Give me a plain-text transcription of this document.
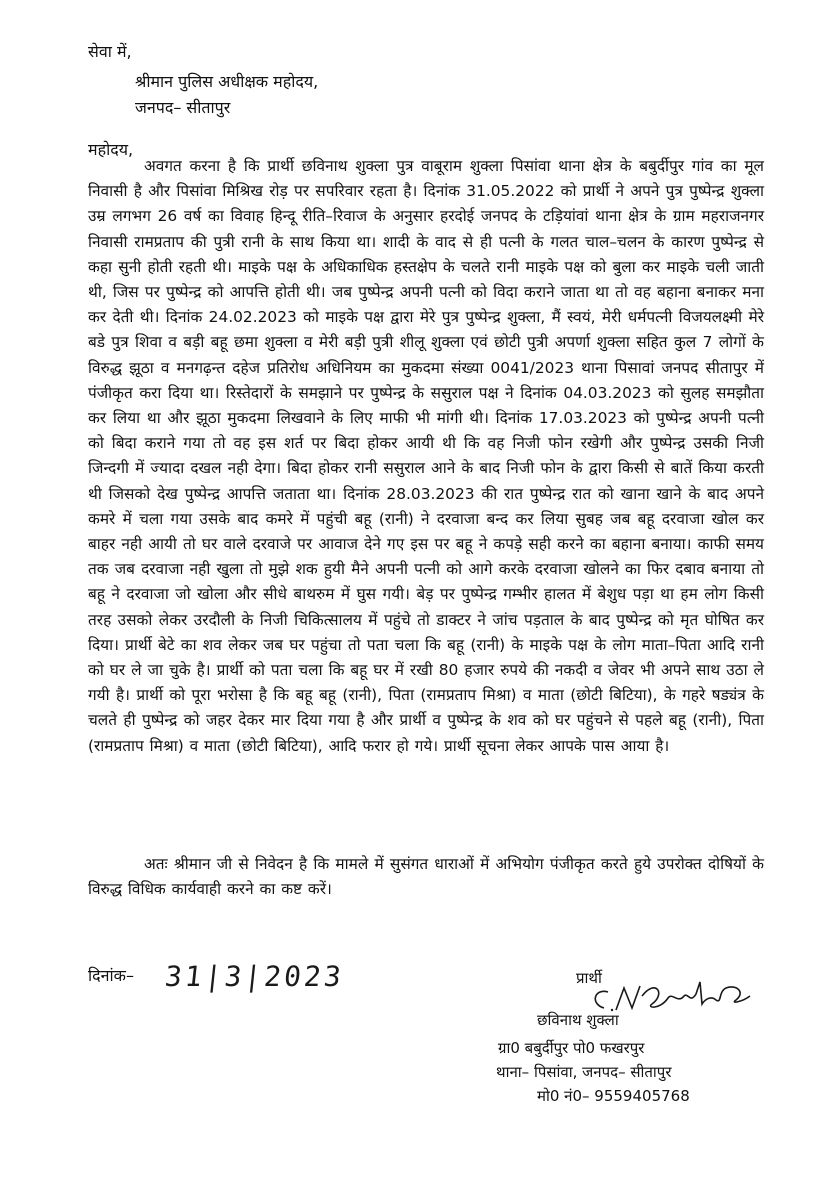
सेवा में,
श्रीमान पुलिस अधीक्षक महोदय,
जनपद– सीतापुर
महोदय,

अवगत करना है कि प्रार्थी छविनाथ शुक्ला पुत्र वाबूराम शुक्ला पिसांवा थाना क्षेत्र के बबुर्दीपुर गांव का मूल निवासी है और पिसांवा मिश्रिख रोड़ पर सपरिवार रहता है। दिनांक 31.05.2022 को प्रार्थी ने अपने पुत्र पुष्पेन्द्र शुक्ला उम्र लगभग 26 वर्ष का विवाह हिन्दू रीति–रिवाज के अनुसार हरदोई जनपद के टड़ियांवां थाना क्षेत्र के ग्राम महराजनगर निवासी रामप्रताप की पुत्री रानी के साथ किया था। शादी के वाद से ही पत्नी के गलत चाल–चलन के कारण पुष्पेन्द्र से कहा सुनी होती रहती थी। माइके पक्ष के अधिकाधिक हस्तक्षेप के चलते रानी माइके पक्ष को बुला कर माइके चली जाती थी, जिस पर पुष्पेन्द्र को आपत्ति होती थी। जब पुष्पेन्द्र अपनी पत्नी को विदा कराने जाता था तो वह बहाना बनाकर मना कर देती थी। दिनांक 24.02.2023 को माइके पक्ष द्वारा मेरे पुत्र पुष्पेन्द्र शुक्ला, मैं स्वयं, मेरी धर्मपत्नी विजयलक्ष्मी मेरे बडे पुत्र शिवा व बड़ी बहू छमा शुक्ला व मेरी बड़ी पुत्री शीलू शुक्ला एवं छोटी पुत्री अपर्णा शुक्ला सहित कुल 7 लोगों के विरुद्ध झूठा व मनगढ़न्त दहेज प्रतिरोध अधिनियम का मुकदमा संख्या 0041/2023 थाना पिसावां जनपद सीतापुर में पंजीकृत करा दिया था। रिस्तेदारों के समझाने पर पुष्पेन्द्र के ससुराल पक्ष ने दिनांक 04.03.2023 को सुलह समझौता कर लिया था और झूठा मुकदमा लिखवाने के लिए माफी भी मांगी थी। दिनांक 17.03.2023 को पुष्पेन्द्र अपनी पत्नी को बिदा कराने गया तो वह इस शर्त पर बिदा होकर आयी थी कि वह निजी फोन रखेगी और पुष्पेन्द्र उसकी निजी जिन्दगी में ज्यादा दखल नही देगा। बिदा होकर रानी ससुराल आने के बाद निजी फोन के द्वारा किसी से बातें किया करती थी जिसको देख पुष्पेन्द्र आपत्ति जताता था। दिनांक 28.03.2023 की रात पुष्पेन्द्र रात को खाना खाने के बाद अपने कमरे में चला गया उसके बाद कमरे में पहुंची बहू (रानी) ने दरवाजा बन्द कर लिया सुबह जब बहू दरवाजा खोल कर बाहर नही आयी तो घर वाले दरवाजे पर आवाज देने गए इस पर बहू ने कपड़े सही करने का बहाना बनाया। काफी समय तक जब दरवाजा नही खुला तो मुझे शक हुयी मैने अपनी पत्नी को आगे करके दरवाजा खोलने का फिर दबाव बनाया तो बहू ने दरवाजा जो खोला और सीधे बाथरुम में घुस गयी। बेड़ पर पुष्पेन्द्र गम्भीर हालत में बेशुध पड़ा था हम लोग किसी तरह उसको लेकर उरदौली के निजी चिकित्सालय में पहुंचे तो डाक्टर ने जांच पड़ताल के बाद पुष्पेन्द्र को मृत घोषित कर दिया। प्रार्थी बेटे का शव लेकर जब घर पहुंचा तो पता चला कि बहू (रानी) के माइके पक्ष के लोग माता–पिता आदि रानी को घर ले जा चुके है। प्रार्थी को पता चला कि बहू घर में रखी 80 हजार रुपये की नकदी व जेवर भी अपने साथ उठा ले गयी है। प्रार्थी को पूरा भरोसा है कि बहू बहू (रानी), पिता (रामप्रताप मिश्रा) व माता (छोटी बिटिया), के गहरे षड्यंत्र के चलते ही पुष्पेन्द्र को जहर देकर मार दिया गया है और प्रार्थी व पुष्पेन्द्र के शव को घर पहुंचने से पहले बहू (रानी), पिता (रामप्रताप मिश्रा) व माता (छोटी बिटिया), आदि फरार हो गये। प्रार्थी सूचना लेकर आपके पास आया है।

अतः श्रीमान जी से निवेदन है कि मामले में सुसंगत धाराओं में अभियोग पंजीकृत करते हुये उपरोक्त दोषियों के विरुद्ध विधिक कार्यवाही करने का कष्ट करें।

दिनांक– 31|3|2023	प्रार्थी
छविनाथ शुक्ला
ग्रा0 बबुर्दीपुर पो0 फखरपुर
थाना– पिसांवा, जनपद– सीतापुर
मो0 नं0– 9559405768
